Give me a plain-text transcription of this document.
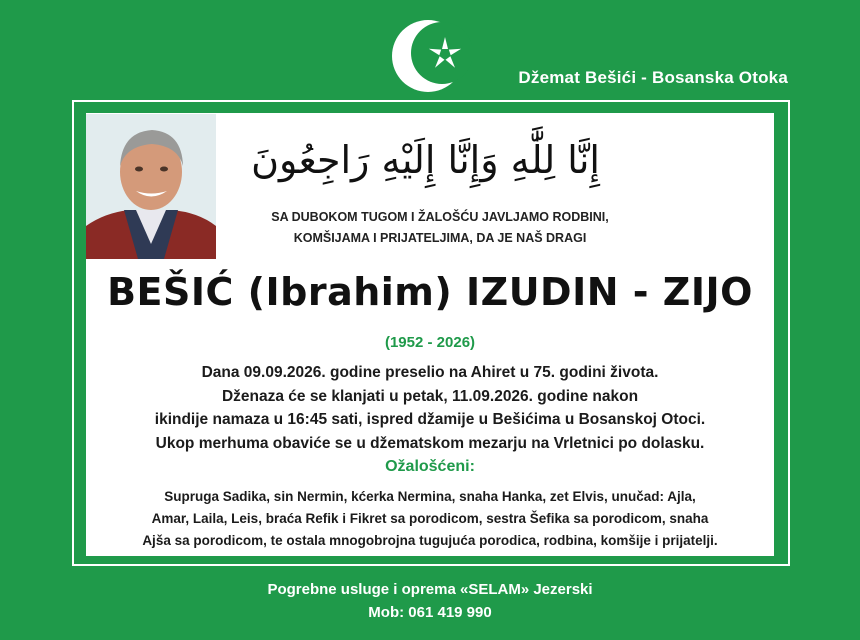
Džemat Bešići - Bosanska Otoka
إِنَّا لِلَّٰهِ وَإِنَّا إِلَيْهِ رَاجِعُونَ
SA DUBOKOM TUGOM I ŽALOŠĆU JAVLJAMO RODBINI,
KOMŠIJAMA I PRIJATELJIMA, DA JE NAŠ DRAGI
BEŠIĆ (Ibrahim) IZUDIN - ZIJO
(1952 - 2026)
Dana 09.09.2026. godine preselio na Ahiret u 75. godini života.
Dženaza će se klanjati u petak, 11.09.2026. godine nakon
ikindije namaza u 16:45 sati, ispred džamije u Bešićima u Bosanskoj Otoci.
Ukop merhuma obaviće se u džematskom mezarju na Vrletnici po dolasku.
Ožalošćeni:
Supruga Sadika, sin Nermin, kćerka Nermina, snaha Hanka, zet Elvis, unučad: Ajla,
Amar, Laila, Leis, braća Refik i Fikret sa porodicom, sestra Šefika sa porodicom, snaha
Ajša sa porodicom, te ostala mnogobrojna tugujuća porodica, rodbina, komšije i prijatelji.
Pogrebne usluge i oprema «SELAM» Jezerski
Mob: 061 419 990
